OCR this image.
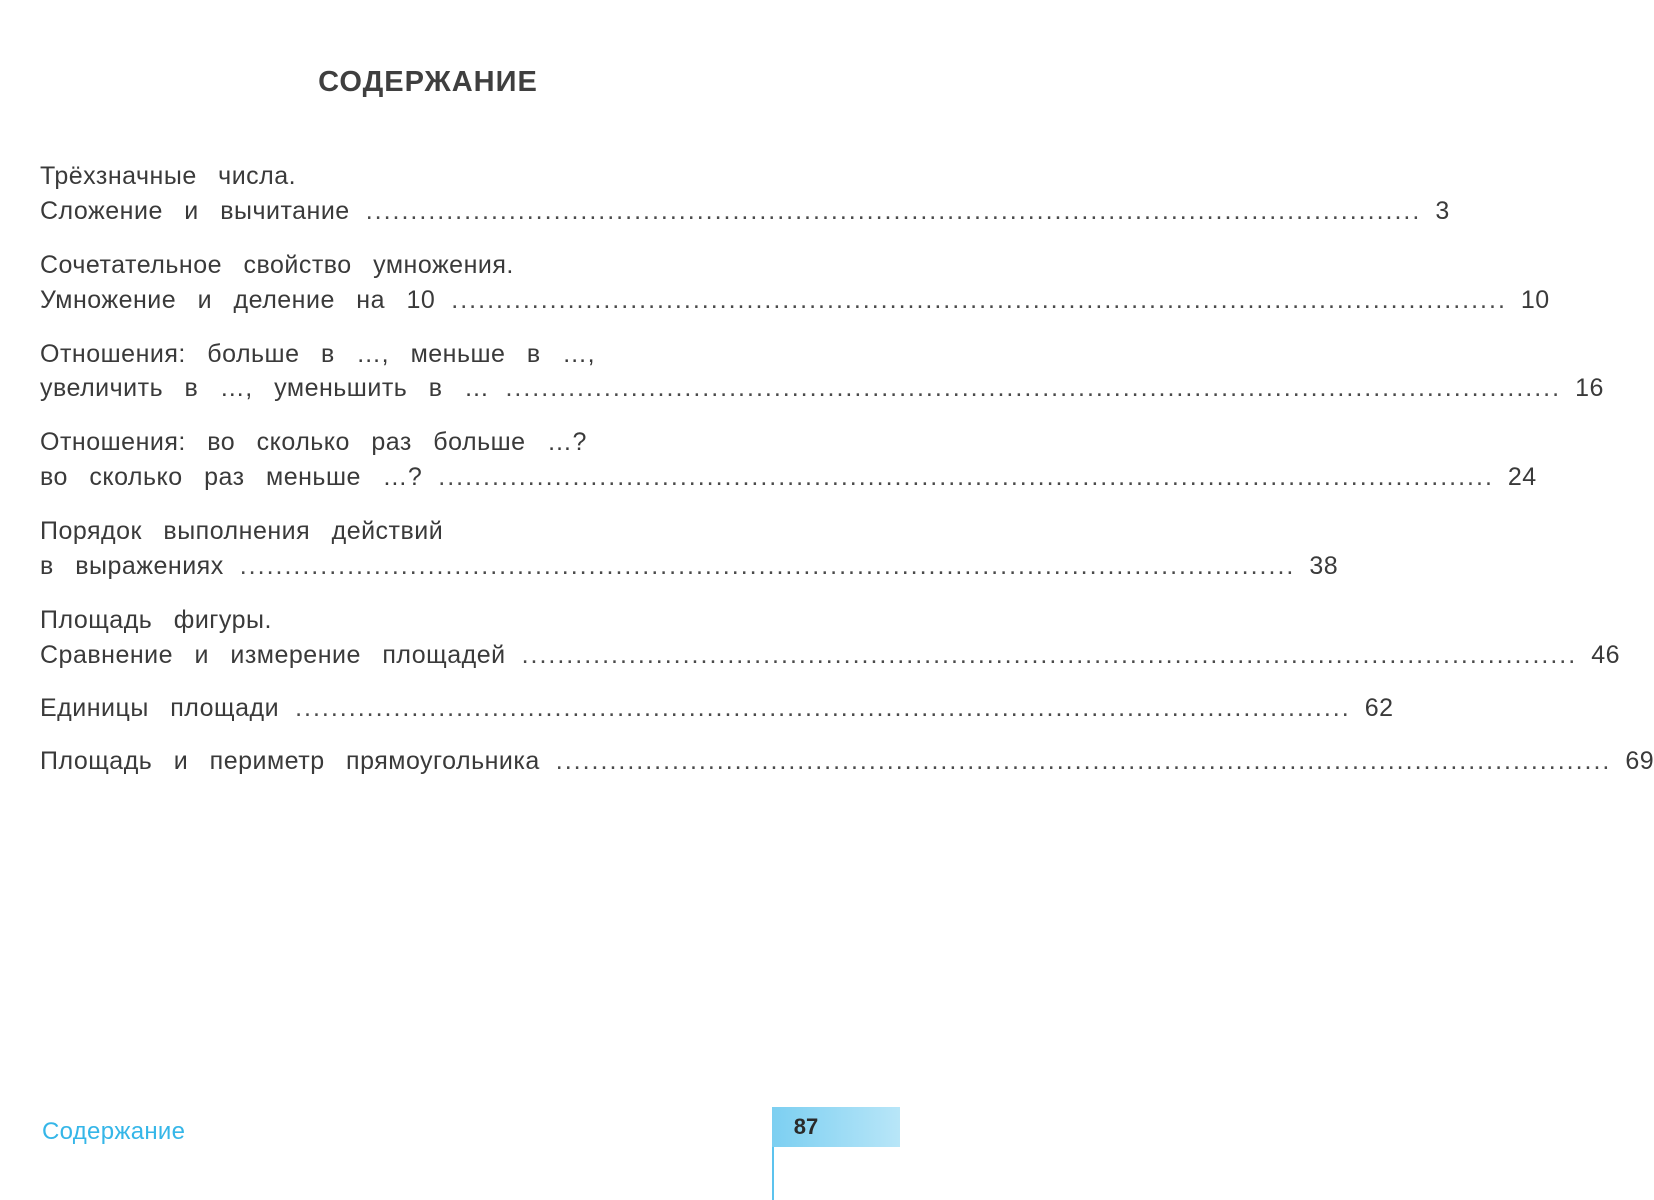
СОДЕРЖАНИЕ
Трёхзначные числа.
Сложение и вычитание ...................................................................................................................... 3
Сочетательное свойство умножения.
Умножение и деление на 10 ...................................................................................................................... 10
Отношения: больше в …, меньше в …,
увеличить в …, уменьшить в … ...................................................................................................................... 16
Отношения: во сколько раз больше …?
во сколько раз меньше …? ...................................................................................................................... 24
Порядок выполнения действий
в выражениях ...................................................................................................................... 38
Площадь фигуры.
Сравнение и измерение площадей ...................................................................................................................... 46
Единицы площади ...................................................................................................................... 62
Площадь и периметр прямоугольника ...................................................................................................................... 69
Содержание	87
